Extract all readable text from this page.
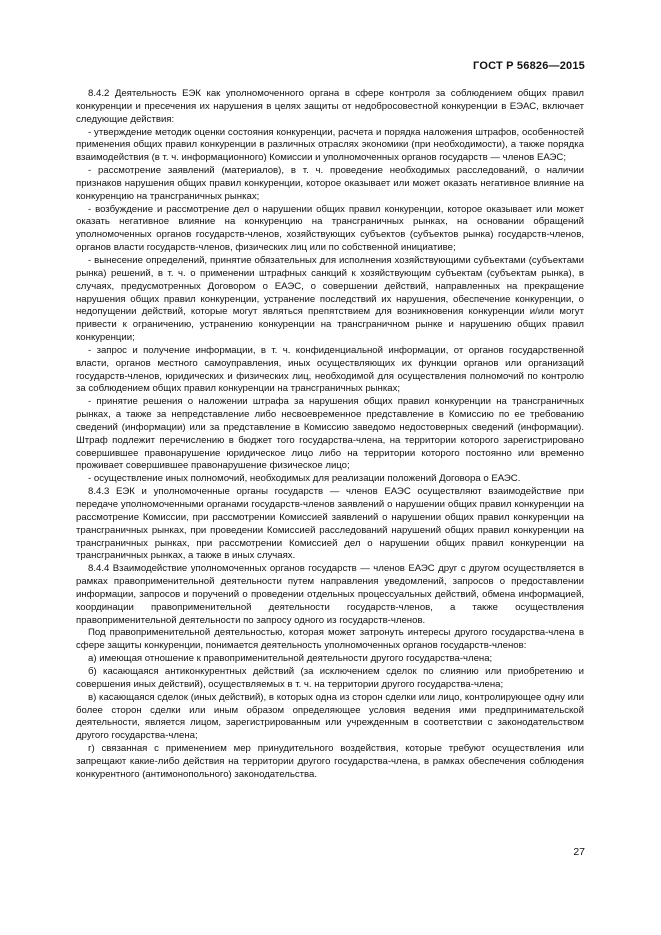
ГОСТ Р 56826—2015

8.4.2 Деятельность ЕЭК как уполномоченного органа в сфере контроля за соблюдением общих правил конкуренции и пресечения их нарушения в целях защиты от недобросовестной конкуренции в ЕЭАС, включает следующие действия:

- утверждение методик оценки состояния конкуренции, расчета и порядка наложения штрафов, особенностей применения общих правил конкуренции в различных отраслях экономики (при необходимости), а также порядка взаимодействия (в т. ч. информационного) Комиссии и уполномоченных органов государств — членов ЕАЭС;

- рассмотрение заявлений (материалов), в т. ч. проведение необходимых расследований, о наличии признаков нарушения общих правил конкуренции, которое оказывает или может оказать негативное влияние на конкуренцию на трансграничных рынках;

- возбуждение и рассмотрение дел о нарушении общих правил конкуренции, которое оказывает или может оказать негативное влияние на конкуренцию на трансграничных рынках, на основании обращений уполномоченных органов государств-членов, хозяйствующих субъектов (субъектов рынка) государств-членов, органов власти государств-членов, физических лиц или по собственной инициативе;

- вынесение определений, принятие обязательных для исполнения хозяйствующими субъектами (субъектами рынка) решений, в т. ч. о применении штрафных санкций к хозяйствующим субъектам (субъектам рынка), в случаях, предусмотренных Договором о ЕАЭС, о совершении действий, направленных на прекращение нарушения общих правил конкуренции, устранение последствий их нарушения, обеспечение конкуренции, о недопущении действий, которые могут являться препятствием для возникновения конкуренции и/или могут привести к ограничению, устранению конкуренции на трансграничном рынке и нарушению общих правил конкуренции;

- запрос и получение информации, в т. ч. конфиденциальной информации, от органов государственной власти, органов местного самоуправления, иных осуществляющих их функции органов или организаций государств-членов, юридических и физических лиц, необходимой для осуществления полномочий по контролю за соблюдением общих правил конкуренции на трансграничных рынках;

- принятие решения о наложении штрафа за нарушения общих правил конкуренции на трансграничных рынках, а также за непредставление либо несвоевременное представление в Комиссию по ее требованию сведений (информации) или за представление в Комиссию заведомо недостоверных сведений (информации). Штраф подлежит перечислению в бюджет того государства-члена, на территории которого зарегистрировано совершившее правонарушение юридическое лицо либо на территории которого постоянно или временно проживает совершившее правонарушение физическое лицо;

- осуществление иных полномочий, необходимых для реализации положений Договора о ЕАЭС.

8.4.3 ЕЭК и уполномоченные органы государств — членов ЕАЭС осуществляют взаимодействие при передаче уполномоченными органами государств-членов заявлений о нарушении общих правил конкуренции на рассмотрение Комиссии, при рассмотрении Комиссией заявлений о нарушении общих правил конкуренции на трансграничных рынках, при проведении Комиссией расследований нарушений общих правил конкуренции на трансграничных рынках, при рассмотрении Комиссией дел о нарушении общих правил конкуренции на трансграничных рынках, а также в иных случаях.

8.4.4 Взаимодействие уполномоченных органов государств — членов ЕАЭС друг с другом осуществляется в рамках правоприменительной деятельности путем направления уведомлений, запросов о предоставлении информации, запросов и поручений о проведении отдельных процессуальных действий, обмена информацией, координации правоприменительной деятельности государств-членов, а также осуществления правоприменительной деятельности по запросу одного из государств-членов.

Под правоприменительной деятельностью, которая может затронуть интересы другого государства-члена в сфере защиты конкуренции, понимается деятельность уполномоченных органов государств-членов:

а) имеющая отношение к правоприменительной деятельности другого государства-члена;

б) касающаяся антиконкурентных действий (за исключением сделок по слиянию или приобретению и совершения иных действий), осуществляемых в т. ч. на территории другого государства-члена;

в) касающаяся сделок (иных действий), в которых одна из сторон сделки или лицо, контролирующее одну или более сторон сделки или иным образом определяющее условия ведения ими предпринимательской деятельности, является лицом, зарегистрированным или учрежденным в соответствии с законодательством другого государства-члена;

г) связанная с применением мер принудительного воздействия, которые требуют осуществления или запрещают какие-либо действия на территории другого государства-члена, в рамках обеспечения соблюдения конкурентного (антимонопольного) законодательства.

27
